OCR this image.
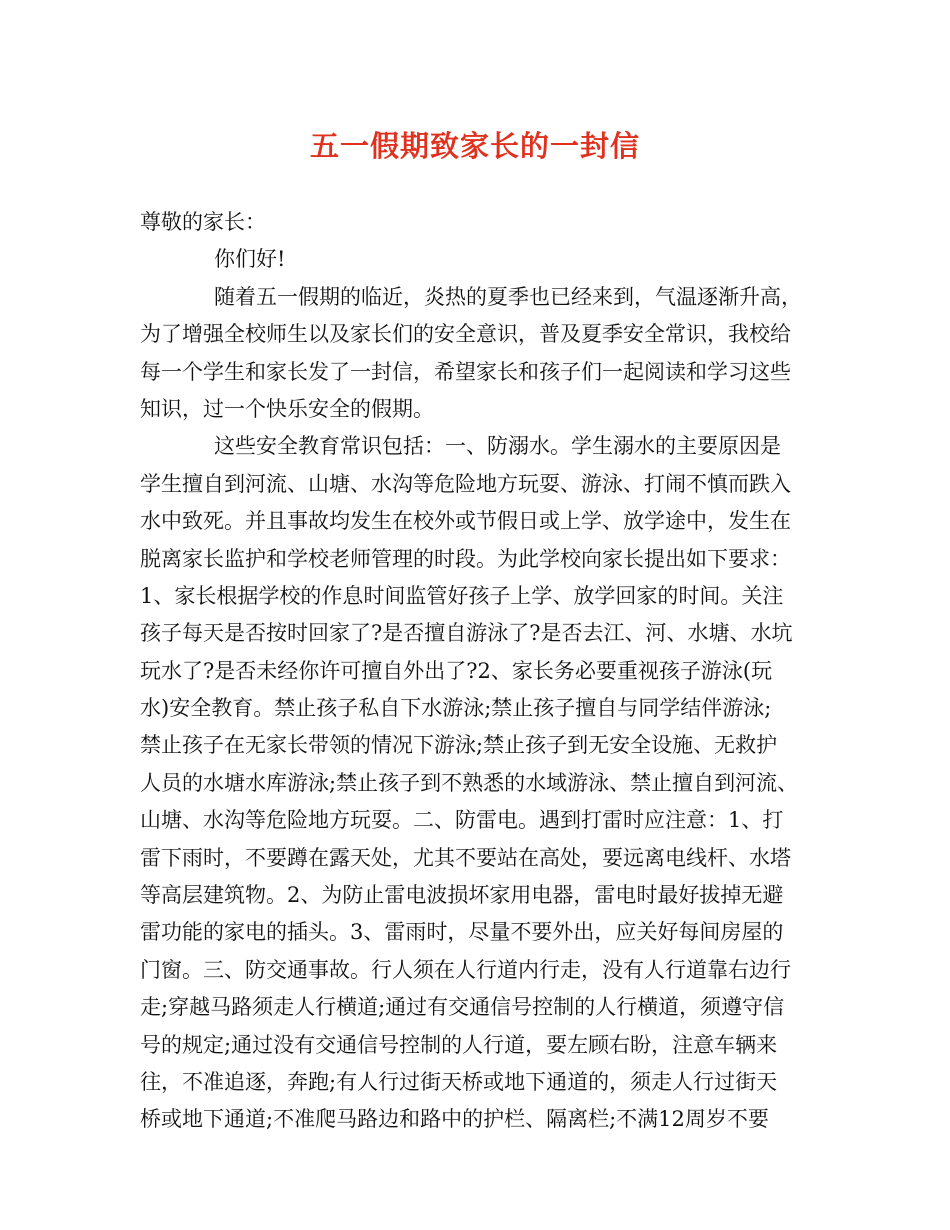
五一假期致家长的一封信
尊敬的家长：
你们好!
随着五一假期的临近，炎热的夏季也已经来到，气温逐渐升高，
为了增强全校师生以及家长们的安全意识，普及夏季安全常识，我校给
每一个学生和家长发了一封信，希望家长和孩子们一起阅读和学习这些
知识，过一个快乐安全的假期。
这些安全教育常识包括：一、防溺水。学生溺水的主要原因是
学生擅自到河流、山塘、水沟等危险地方玩耍、游泳、打闹不慎而跌入
水中致死。并且事故均发生在校外或节假日或上学、放学途中，发生在
脱离家长监护和学校老师管理的时段。为此学校向家长提出如下要求：
1、家长根据学校的作息时间监管好孩子上学、放学回家的时间。关注
孩子每天是否按时回家了?是否擅自游泳了?是否去江、河、水塘、水坑
玩水了?是否未经你许可擅自外出了?2、家长务必要重视孩子游泳(玩
水)安全教育。禁止孩子私自下水游泳;禁止孩子擅自与同学结伴游泳;
禁止孩子在无家长带领的情况下游泳;禁止孩子到无安全设施、无救护
人员的水塘水库游泳;禁止孩子到不熟悉的水域游泳、禁止擅自到河流、
山塘、水沟等危险地方玩耍。二、防雷电。遇到打雷时应注意：1、打
雷下雨时，不要蹲在露天处，尤其不要站在高处，要远离电线杆、水塔
等高层建筑物。2、为防止雷电波损坏家用电器，雷电时最好拔掉无避
雷功能的家电的插头。3、雷雨时，尽量不要外出，应关好每间房屋的
门窗。三、防交通事故。行人须在人行道内行走，没有人行道靠右边行
走;穿越马路须走人行横道;通过有交通信号控制的人行横道，须遵守信
号的规定;通过没有交通信号控制的人行道，要左顾右盼，注意车辆来
往，不准追逐，奔跑;有人行过街天桥或地下通道的，须走人行过街天
桥或地下通道;不准爬马路边和路中的护栏、隔离栏;不满12周岁不要
